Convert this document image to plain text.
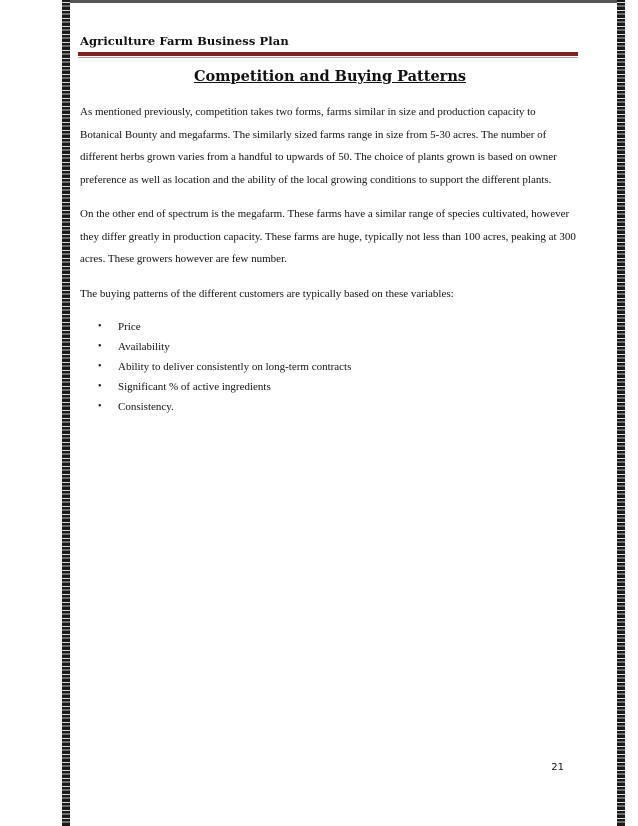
Agriculture Farm Business Plan
Competition and Buying Patterns

As mentioned previously, competition takes two forms, farms similar in size and production capacity to Botanical Bounty and megafarms. The similarly sized farms range in size from 5-30 acres. The number of different herbs grown varies from a handful to upwards of 50. The choice of plants grown is based on owner preference as well as location and the ability of the local growing conditions to support the different plants.

On the other end of spectrum is the megafarm. These farms have a similar range of species cultivated, however they differ greatly in production capacity. These farms are huge, typically not less than 100 acres, peaking at 300 acres. These growers however are few number.

The buying patterns of the different customers are typically based on these variables:

• Price
• Availability
• Ability to deliver consistently on long-term contracts
• Significant % of active ingredients
• Consistency.
21
